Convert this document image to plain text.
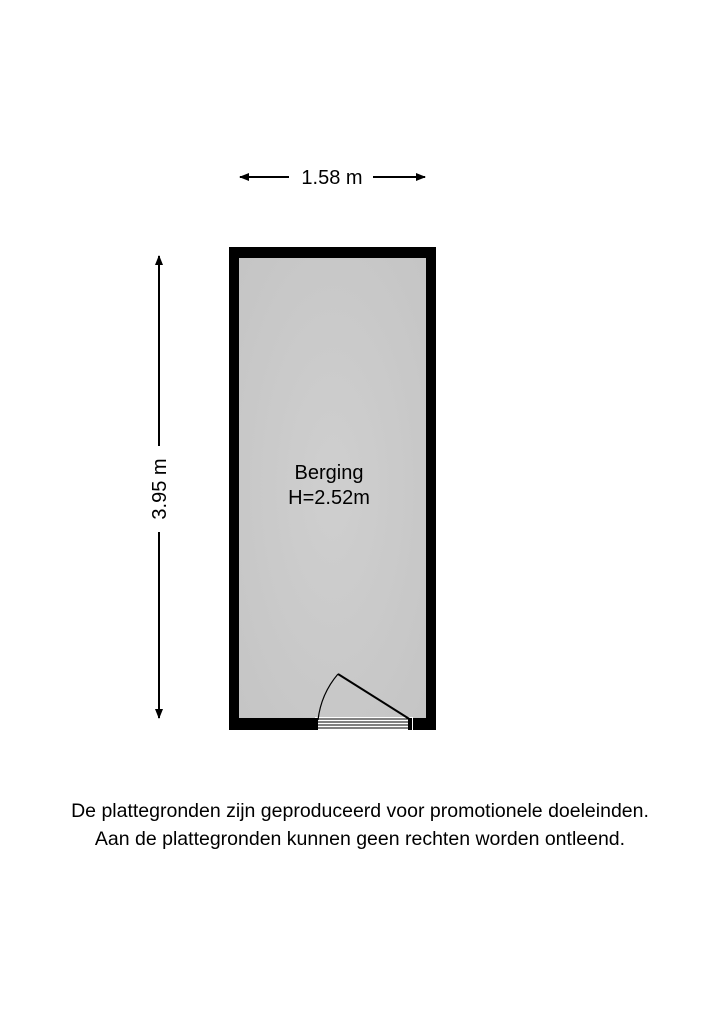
1.58 m
3.95 m	Berging
H=2.52m
De plattegronden zijn geproduceerd voor promotionele doeleinden.
Aan de plattegronden kunnen geen rechten worden ontleend.
